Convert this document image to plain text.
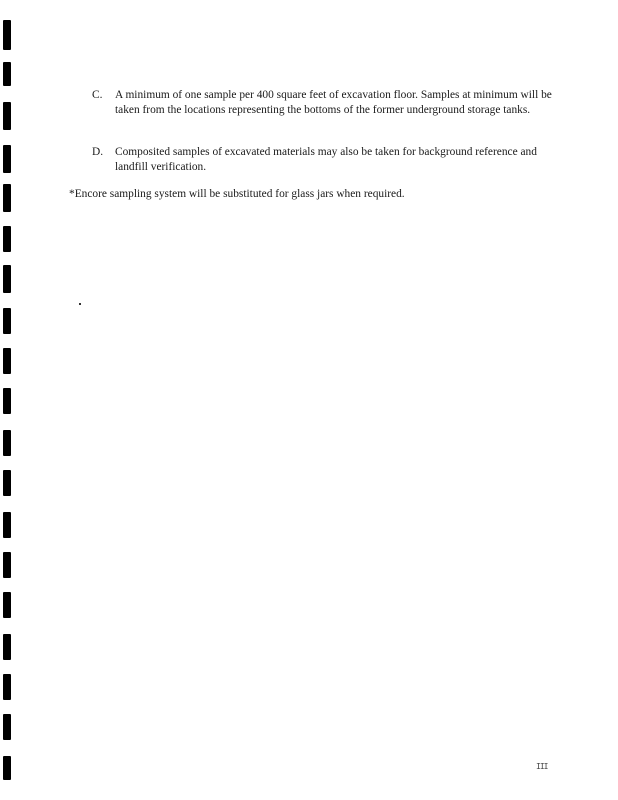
C.	A minimum of one sample per 400 square feet of excavation floor. Samples at minimum will be taken from the locations representing the bottoms of the former underground storage tanks.
D.	Composited samples of excavated materials may also be taken for background reference and landfill verification.
*Encore sampling system will be substituted for glass jars when required.
III
